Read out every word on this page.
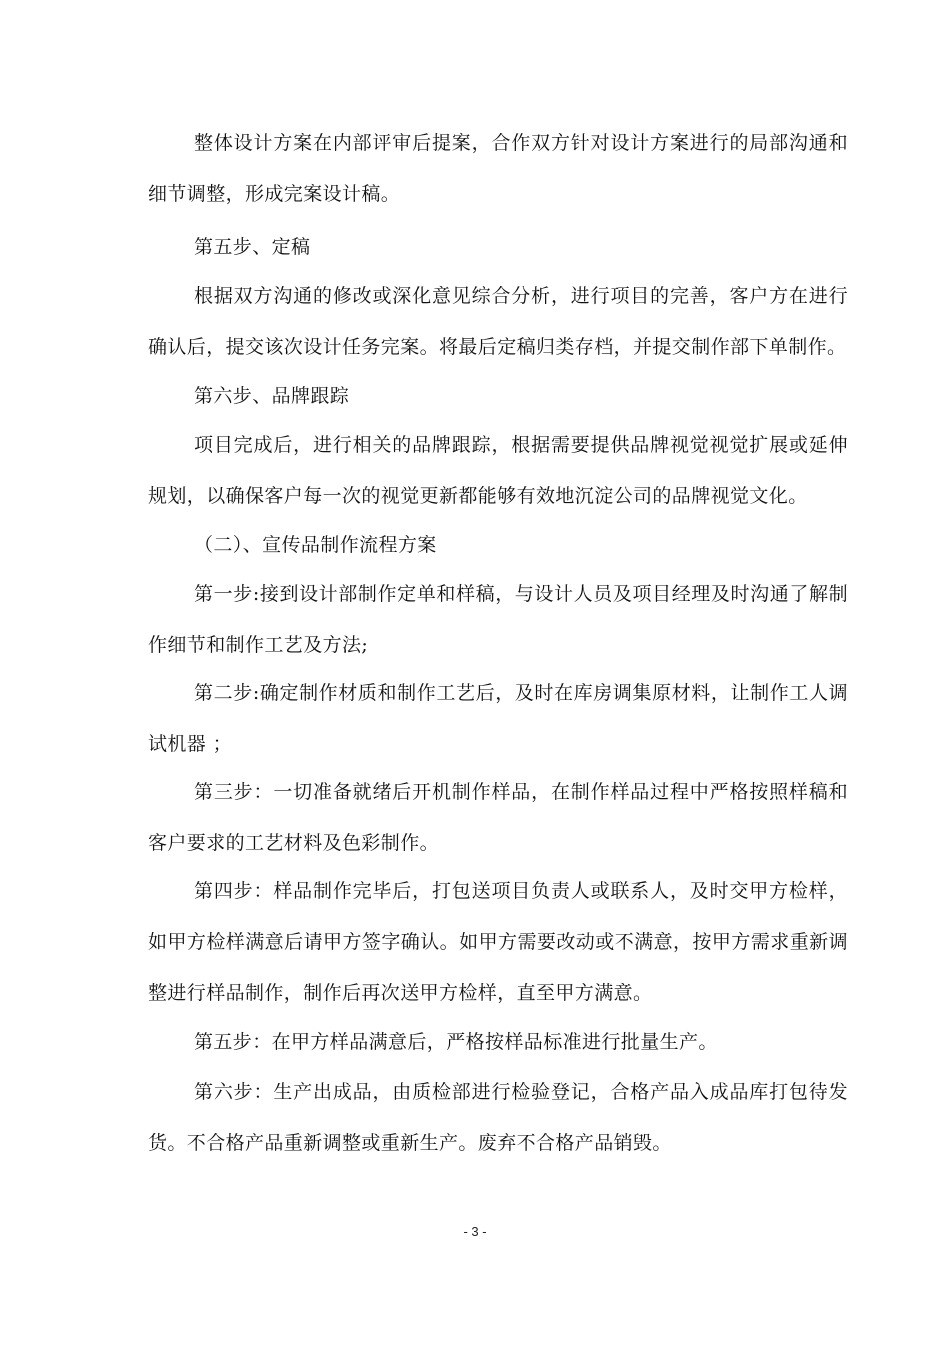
整体设计方案在内部评审后提案，合作双方针对设计方案进行的局部沟通和细节调整，形成完案设计稿。

第五步、定稿

根据双方沟通的修改或深化意见综合分析，进行项目的完善，客户方在进行确认后，提交该次设计任务完案。将最后定稿归类存档，并提交制作部下单制作。

第六步、品牌跟踪

项目完成后，进行相关的品牌跟踪，根据需要提供品牌视觉视觉扩展或延伸规划，以确保客户每一次的视觉更新都能够有效地沉淀公司的品牌视觉文化。

（二）、宣传品制作流程方案

第一步:接到设计部制作定单和样稿，与设计人员及项目经理及时沟通了解制作细节和制作工艺及方法;

第二步:确定制作材质和制作工艺后，及时在库房调集原材料，让制作工人调试机器 ；

第三步：一切准备就绪后开机制作样品，在制作样品过程中严格按照样稿和客户要求的工艺材料及色彩制作。

第四步：样品制作完毕后，打包送项目负责人或联系人，及时交甲方检样，如甲方检样满意后请甲方签字确认。如甲方需要改动或不满意，按甲方需求重新调整进行样品制作，制作后再次送甲方检样，直至甲方满意。

第五步：在甲方样品满意后，严格按样品标准进行批量生产。

第六步：生产出成品，由质检部进行检验登记，合格产品入成品库打包待发货。不合格产品重新调整或重新生产。废弃不合格产品销毁。

- 3 -
